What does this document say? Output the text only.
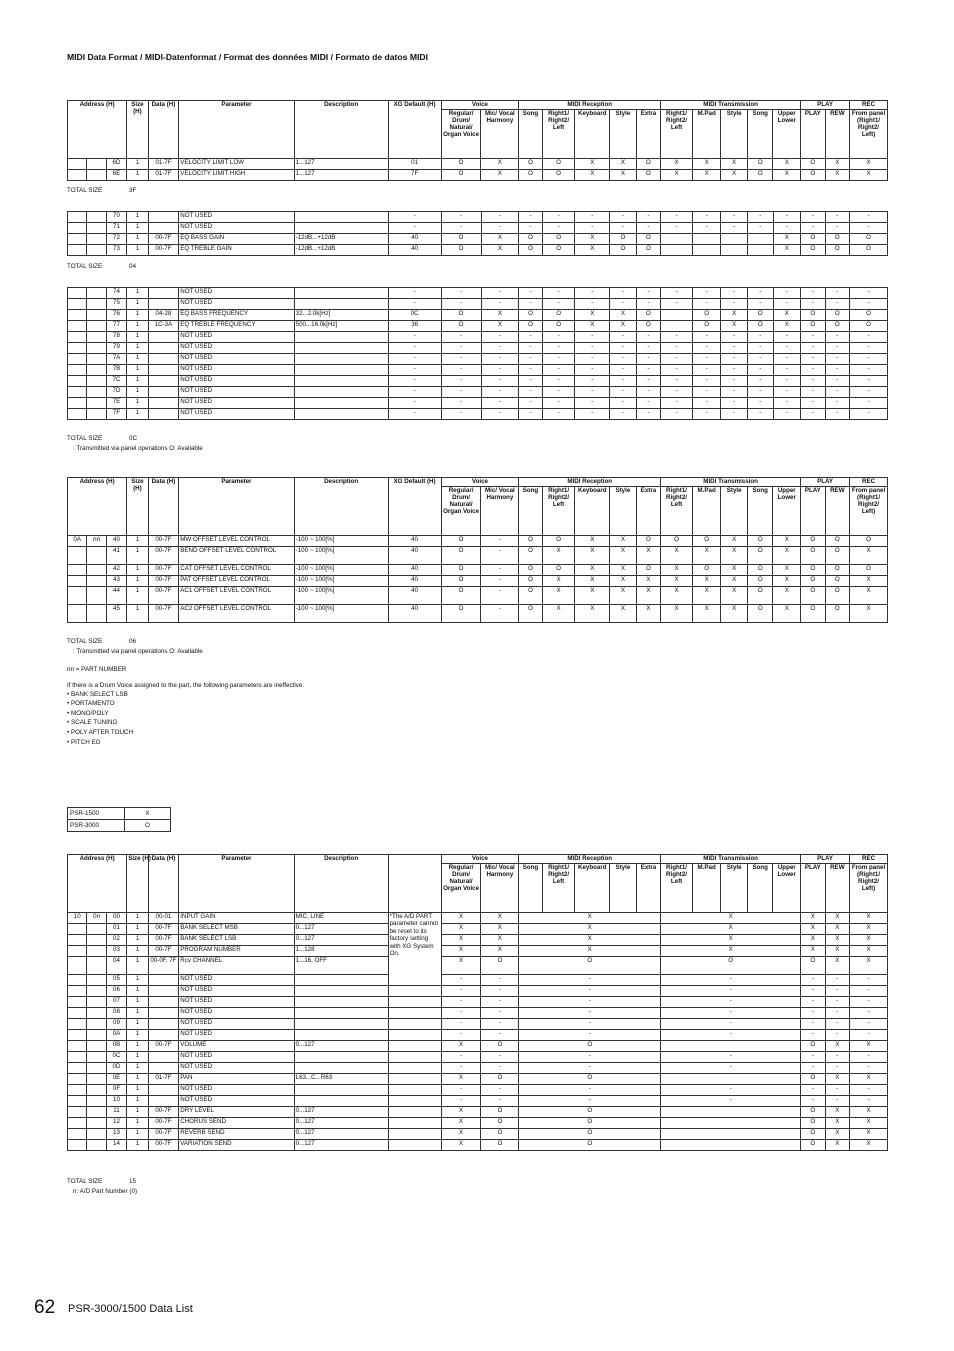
MIDI Data Format / MIDI-Datenformat / Format des données MIDI / Formato de datos MIDI
Address (H)			Size (H)	Data (H)	Parameter	Description	XG Default (H)	Voice		MIDI Reception					MIDI Transmission					PLAY		REC
								Regular/ Drum/ Natural/ Organ Voice	Mic/ Vocal Harmony	Song	Right1/ Right2/ Left	Keyboard	Style	Extra	Right1/ Right2/ Left	M.Pad	Style	Song	Upper Lower	PLAY	REW	From panel (Right1/ Right2/ Left)
		6D	1	01-7F	VELOCITY LIMIT LOW	1...127	01	O	X	O	O	X	X	O	X	X	X	O	X	O	X	X
		6E	1	01-7F	VELOCITY LIMIT HIGH	1...127	7F	O	X	O	O	X	X	O	X	X	X	O	X	O	X	X
TOTAL SIZE	3F
		70	1		NOT USED		-	-	-	-	-	-	-	-	-	-	-	-	-	-	-	-
		71	1		NOT USED		-	-	-	-	-	-	-	-	-	-	-	-	-	-	-	-
		72	1	00-7F	EQ BASS GAIN	-12dB...+12dB	40	O	X	O	O	X	O	O					X	O	O	O
		73	1	00-7F	EQ TREBLE GAIN	-12dB...+12dB	40	O	X	O	O	X	O	O					X	O	O	O
TOTAL SIZE	04
		74	1		NOT USED		-	-	-	-	-	-	-	-	-	-	-	-	-	-	-	-
		75	1		NOT USED		-	-	-	-	-	-	-	-	-	-	-	-	-	-	-	-
		76	1	04-28	EQ BASS FREQUENCY	32...2.0k[Hz]	0C	O	X	O	O	X	X	O		O	X	O	X	O	O	O
		77	1	1C-3A	EQ TREBLE FREQUENCY	500...16.0k[Hz]	36	O	X	O	O	X	X	O		O	X	O	X	O	O	O
		78	1		NOT USED		-	-	-	-	-	-	-	-	-	-	-	-	-	-	-	-
		79	1		NOT USED		-	-	-	-	-	-	-	-	-	-	-	-	-	-	-	-
		7A	1		NOT USED		-	-	-	-	-	-	-	-	-	-	-	-	-	-	-	-
		7B	1		NOT USED		-	-	-	-	-	-	-	-	-	-	-	-	-	-	-	-
		7C	1		NOT USED		-	-	-	-	-	-	-	-	-	-	-	-	-	-	-	-
		7D	1		NOT USED		-	-	-	-	-	-	-	-	-	-	-	-	-	-	-	-
		7E	1		NOT USED		-	-	-	-	-	-	-	-	-	-	-	-	-	-	-	-
		7F	1		NOT USED		-	-	-	-	-	-	-	-	-	-	-	-	-	-	-	-
TOTAL SIZE	0C
: Transmitted via panel operations O: Available
Address (H)			Size (H)	Data (H)	Parameter	Description	XG Default (H)	Voice		MIDI Reception					MIDI Transmission					PLAY		REC
								Regular/ Drum/ Natural/ Organ Voice	Mic/ Vocal Harmony	Song	Right1/ Right2/ Left	Keyboard	Style	Extra	Right1/ Right2/ Left	M.Pad	Style	Song	Upper Lower	PLAY	REW	From panel (Right1/ Right2/ Left)
0A	nn	40	1	00-7F	MW OFFSET LEVEL CONTROL	-100 ~ 100[%]	40	O	-	O	O	X	X	O	O	O	X	O	X	O	O	O
		41	1	00-7F	BEND OFFSET LEVEL CONTROL	-100 ~ 100[%]	40	O	-	O	X	X	X	X	X	X	X	O	X	O	O	X
		42	1	00-7F	CAT OFFSET LEVEL CONTROL	-100 ~ 100[%]	40	O	-	O	O	X	X	O	X	O	X	O	X	O	O	O
		43	1	00-7F	PAT OFFSET LEVEL CONTROL	-100 ~ 100[%]	40	O	-	O	X	X	X	X	X	X	X	O	X	O	O	X
		44	1	00-7F	AC1 OFFSET LEVEL CONTROL	-100 ~ 100[%]	40	O	-	O	X	X	X	X	X	X	X	O	X	O	O	X
		45	1	00-7F	AC2 OFFSET LEVEL CONTROL	-100 ~ 100[%]	40	O	-	O	X	X	X	X	X	X	X	O	X	O	O	X
TOTAL SIZE	06
: Transmitted via panel operations O: Available
nn = PART NUMBER
If there is a Drum Voice assigned to the part, the following parameters are ineffective.
• BANK SELECT LSB
• PORTAMENTO
• MONO/POLY
• SCALE TUNING
• POLY AFTER TOUCH
• PITCH EG
PSR-1500	X
PSR-3000	O
Address (H)			Size (H)	Data (H)	Parameter	Description		Voice		MIDI Reception					MIDI Transmission					PLAY		REC
								Regular/ Drum/ Natural/ Organ Voice	Mic/ Vocal Harmony	Song	Right1/ Right2/ Left	Keyboard	Style	Extra	Right1/ Right2/ Left	M.Pad	Style	Song	Upper Lower	PLAY	REW	From panel (Right1/ Right2/ Left)
10	0n	00	1	00-01	INPUT GAIN	MIC, LINE	*The A/D PART parameter cannot be reset to its factory setting with XG System On.	X	X	X					X					X	X	X
		01	1	00-7F	BANK SELECT MSB	0...127		X	X	X					X					X	X	X
		02	1	00-7F	BANK SELECT LSB	0...127		X	X	X					X					X	X	X
		03	1	00-7F	PROGRAM NUMBER	1...128		X	X	X					X					X	X	X
		04	1	00-0F, 7F	Rcv CHANNEL	1...16, OFF		X	O	O					O					O	X	X
		05	1		NOT USED			-	-	-					-					-	-	-
		06	1		NOT USED			-	-	-					-					-	-	-
		07	1		NOT USED			-	-	-					-					-	-	-
		08	1		NOT USED			-	-	-					-					-	-	-
		09	1		NOT USED			-	-	-					-					-	-	-
		0A	1		NOT USED			-	-	-					-					-	-	-
		0B	1	00-7F	VOLUME	0...127		X	O	O										O	X	X
		0C	1		NOT USED			-	-	-					-					-	-	-
		0D	1		NOT USED			-	-	-					-					-	-	-
		0E	1	01-7F	PAN	L63...C...R63		X	O	O										O	X	X
		0F	1		NOT USED			-	-	-					-					-	-	-
		10	1		NOT USED			-	-	-					-					-	-	-
		11	1	00-7F	DRY LEVEL	0...127		X	O	O										O	X	X
		12	1	00-7F	CHORUS SEND	0...127		X	O	O										O	X	X
		13	1	00-7F	REVERB SEND	0...127		X	O	O										O	X	X
		14	1	00-7F	VARIATION SEND	0...127		X	O	O										O	X	X
TOTAL SIZE	15
n: A/D Part Number (0)
62 PSR-3000/1500 Data List
